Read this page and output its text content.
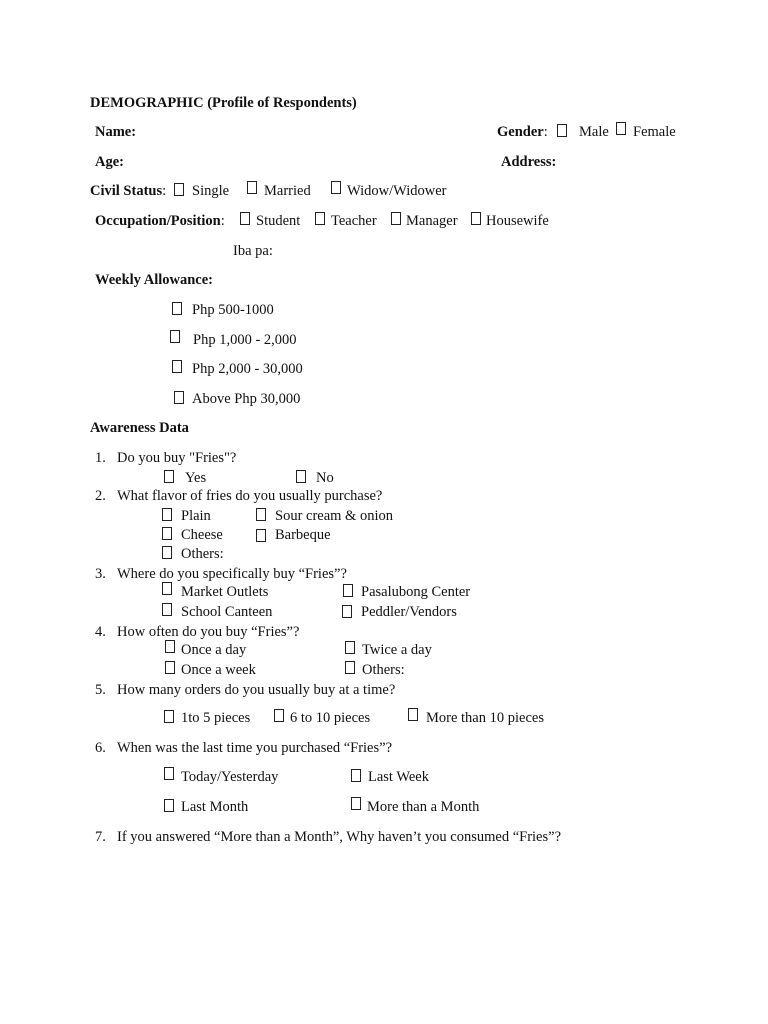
DEMOGRAPHIC (Profile of Respondents)
Name:	Gender: Male Female
Age:	Address:
Civil Status: Single Married	Widow/Widower
Occupation/Position: Student Teacher Manager Housewife
Iba pa:
Weekly Allowance:
Php 500-1000
Php 1,000 - 2,000
Php 2,000 - 30,000
Above Php 30,000
Awareness Data
1. Do you buy "Fries"?
Yes	No
2. What flavor of fries do you usually purchase?
Plain	Sour cream & onion
Cheese	Barbeque
Others:
3. Where do you specifically buy “Fries”?
Market Outlets	Pasalubong Center
School Canteen	Peddler/Vendors
4. How often do you buy “Fries”?
Once a day	Twice a day
Once a week	Others:
5. How many orders do you usually buy at a time?
1to 5 pieces	6 to 10 pieces	More than 10 pieces
6. When was the last time you purchased “Fries”?
Today/Yesterday	Last Week
Last Month	More than a Month
7. If you answered “More than a Month”, Why haven’t you consumed “Fries”?
